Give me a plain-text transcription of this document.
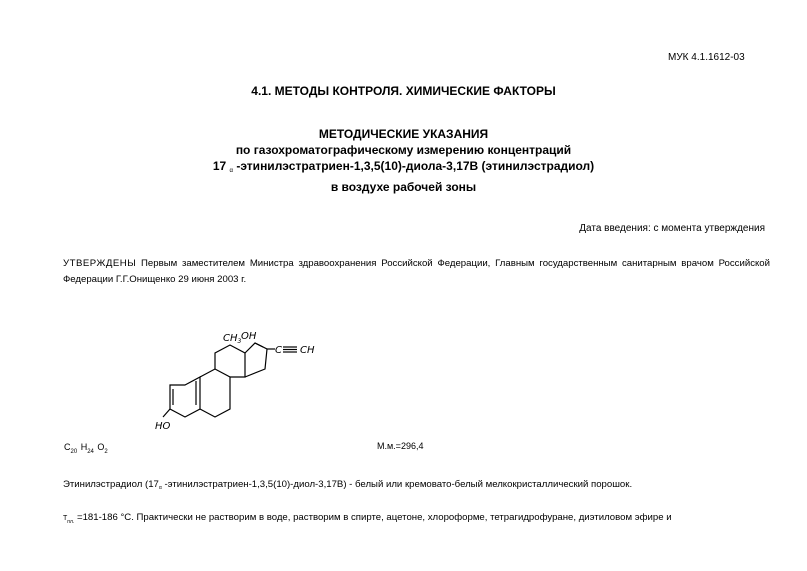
МУК 4.1.1612-03
4.1. МЕТОДЫ КОНТРОЛЯ. ХИМИЧЕСКИЕ ФАКТОРЫ
МЕТОДИЧЕСКИЕ УКАЗАНИЯ
по газохроматографическому измерению концентраций
17 α -этинилэстратриен-1,3,5(10)-диола-3,17В (этинилэстрадиол)
в воздухе рабочей зоны
Дата введения: с момента утверждения
УТВЕРЖДЕНЫ Первым заместителем Министра здравоохранения Российской Федерации, Главным государственным санитарным врачом Российской Федерации Г.Г.Онищенко 29 июня 2003 г.
$CH_3$ OH
C CH
HO
$C_{20}$ $H_{24}$ $O_2$
М.м.=296,4
Этинилэстрадиол ($17_\alpha$ -этинилэстратриен-1,3,5(10)-диол-3,17В) - белый или кремовато-белый мелкокристаллический порошок.
$T_{пл.} =181-186$ °С. Практически не растворим в воде, растворим в спирте, ацетоне, хлороформе, тетрагидрофуране, диэтиловом эфире и
